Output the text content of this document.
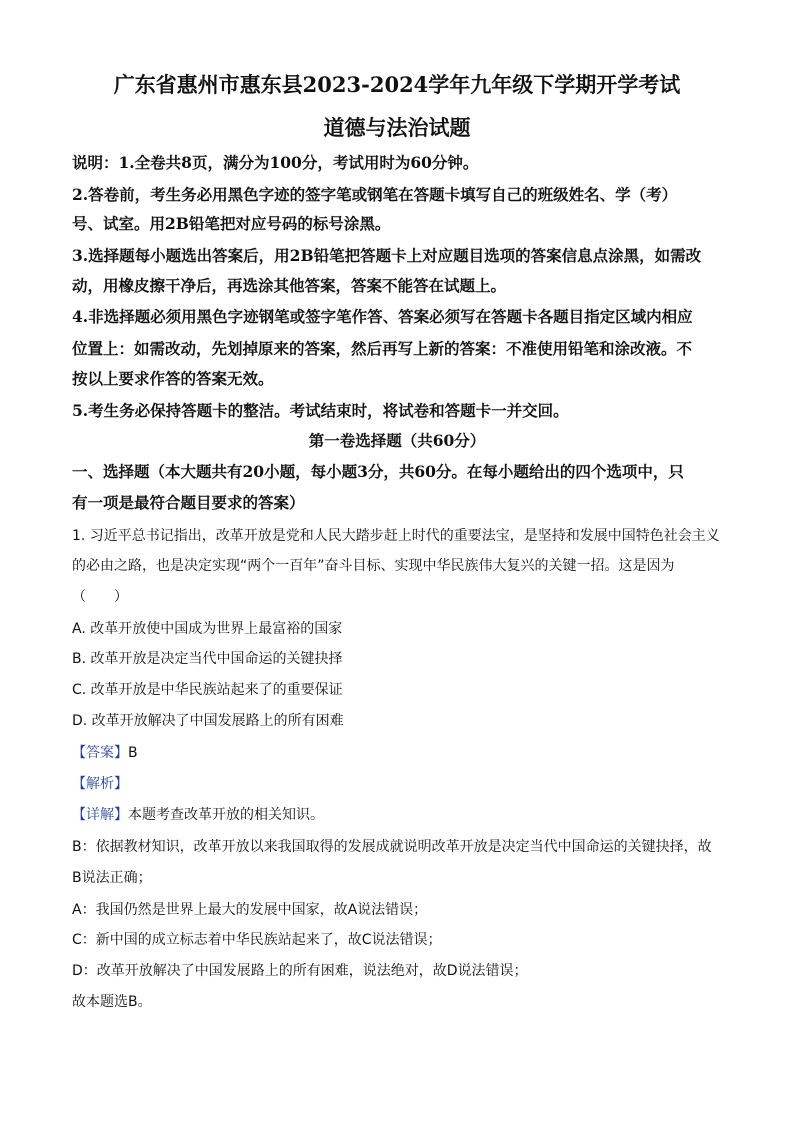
广东省惠州市惠东县2023-2024学年九年级下学期开学考试
道德与法治试题
说明：1.全卷共8页，满分为100分，考试用时为60分钟。
2.答卷前，考生务必用黑色字迹的签字笔或钢笔在答题卡填写自己的班级姓名、学（考）
号、试室。用2B铅笔把对应号码的标号涂黑。
3.选择题每小题选出答案后，用2B铅笔把答题卡上对应题目选项的答案信息点涂黑，如需改
动，用橡皮擦干净后，再选涂其他答案，答案不能答在试题上。
4.非选择题必须用黑色字迹钢笔或签字笔作答、答案必须写在答题卡各题目指定区域内相应
位置上：如需改动，先划掉原来的答案，然后再写上新的答案：不准使用铅笔和涂改液。不
按以上要求作答的答案无效。
5.考生务必保持答题卡的整洁。考试结束时，将试卷和答题卡一并交回。
第一卷选择题（共60分）
一、选择题（本大题共有20小题，每小题3分，共60分。在每小题给出的四个选项中，只
有一项是最符合题目要求的答案）
1. 习近平总书记指出，改革开放是党和人民大踏步赶上时代的重要法宝，是坚持和发展中国特色社会主义
的必由之路，也是决定实现“两个一百年”奋斗目标、实现中华民族伟大复兴的关键一招。这是因为
（　　）
A. 改革开放使中国成为世界上最富裕的国家
B. 改革开放是决定当代中国命运的关键抉择
C. 改革开放是中华民族站起来了的重要保证
D. 改革开放解决了中国发展路上的所有困难
【答案】B
【解析】
【详解】本题考查改革开放的相关知识。
B：依据教材知识，改革开放以来我国取得的发展成就说明改革开放是决定当代中国命运的关键抉择，故
B说法正确；
A：我国仍然是世界上最大的发展中国家，故A说法错误；
C：新中国的成立标志着中华民族站起来了，故C说法错误；
D：改革开放解决了中国发展路上的所有困难，说法绝对，故D说法错误；
故本题选B。
